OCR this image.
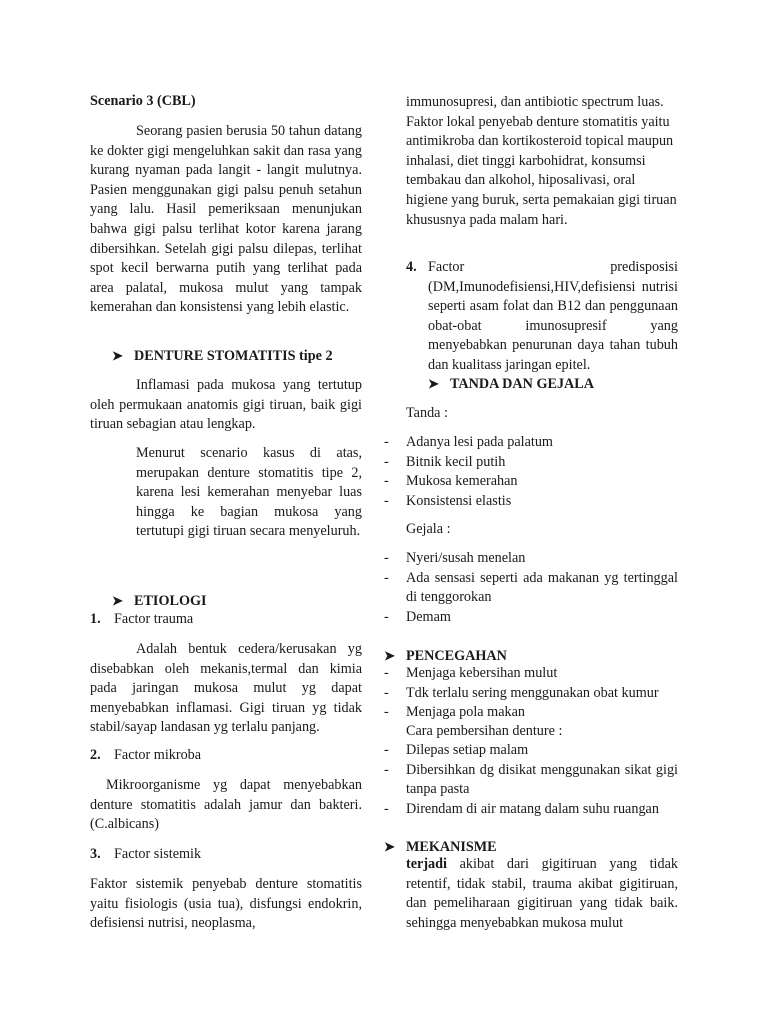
Scenario 3 (CBL)

Seorang pasien berusia 50 tahun datang ke dokter gigi mengeluhkan sakit dan rasa yang kurang nyaman pada langit - langit mulutnya. Pasien menggunakan gigi palsu penuh setahun yang lalu. Hasil pemeriksaan menunjukan bahwa gigi palsu terlihat kotor karena jarang dibersihkan. Setelah gigi palsu dilepas, terlihat spot kecil berwarna putih yang terlihat pada area palatal, mukosa mulut yang tampak kemerahan dan konsistensi yang lebih elastic.

➤ DENTURE STOMATITIS tipe 2

Inflamasi pada mukosa yang tertutup oleh permukaan anatomis gigi tiruan, baik gigi tiruan sebagian atau lengkap.

Menurut scenario kasus di atas, merupakan denture stomatitis tipe 2, karena lesi kemerahan menyebar luas hingga ke bagian mukosa yang tertutupi gigi tiruan secara menyeluruh.

➤ ETIOLOGI
1. Factor trauma

Adalah bentuk cedera/kerusakan yg disebabkan oleh mekanis,termal dan kimia pada jaringan mukosa mulut yg dapat menyebabkan inflamasi. Gigi tiruan yg tidak stabil/sayap landasan yg terlalu panjang.

2. Factor mikroba

Mikroorganisme yg dapat menyebabkan denture stomatitis adalah jamur dan bakteri. (C.albicans)

3. Factor sistemik

Faktor sistemik penyebab denture stomatitis yaitu fisiologis (usia tua), disfungsi endokrin, defisiensi nutrisi, neoplasma,

immunosupresi, dan antibiotic spectrum luas. Faktor lokal penyebab denture stomatitis yaitu antimikroba dan kortikosteroid topical maupun inhalasi, diet tinggi karbohidrat, konsumsi tembakau dan alkohol, hiposalivasi, oral higiene yang buruk, serta pemakaian gigi tiruan khususnya pada malam hari.

4. Factor predisposisi (DM,Imunodefisiensi,HIV,defisiensi nutrisi seperti asam folat dan B12 dan penggunaan obat-obat imunosupresif yang menyebabkan penurunan daya tahan tubuh dan kualitass jaringan epitel.

➤ TANDA DAN GEJALA
Tanda :
- Adanya lesi pada palatum
- Bitnik kecil putih
- Mukosa kemerahan
- Konsistensi elastis
Gejala :
- Nyeri/susah menelan
- Ada sensasi seperti ada makanan yg tertinggal di tenggorokan
- Demam
➤ PENCEGAHAN
- Menjaga kebersihan mulut
- Tdk terlalu sering menggunakan obat kumur
- Menjaga pola makan
Cara pembersihan denture :
- Dilepas setiap malam
- Dibersihkan dg disikat menggunakan sikat gigi tanpa pasta
- Direndam di air matang dalam suhu ruangan
➤ MEKANISME

terjadi akibat dari gigitiruan yang tidak retentif, tidak stabil, trauma akibat gigitiruan, dan pemeliharaan gigitiruan yang tidak baik. sehingga menyebabkan mukosa mulut
